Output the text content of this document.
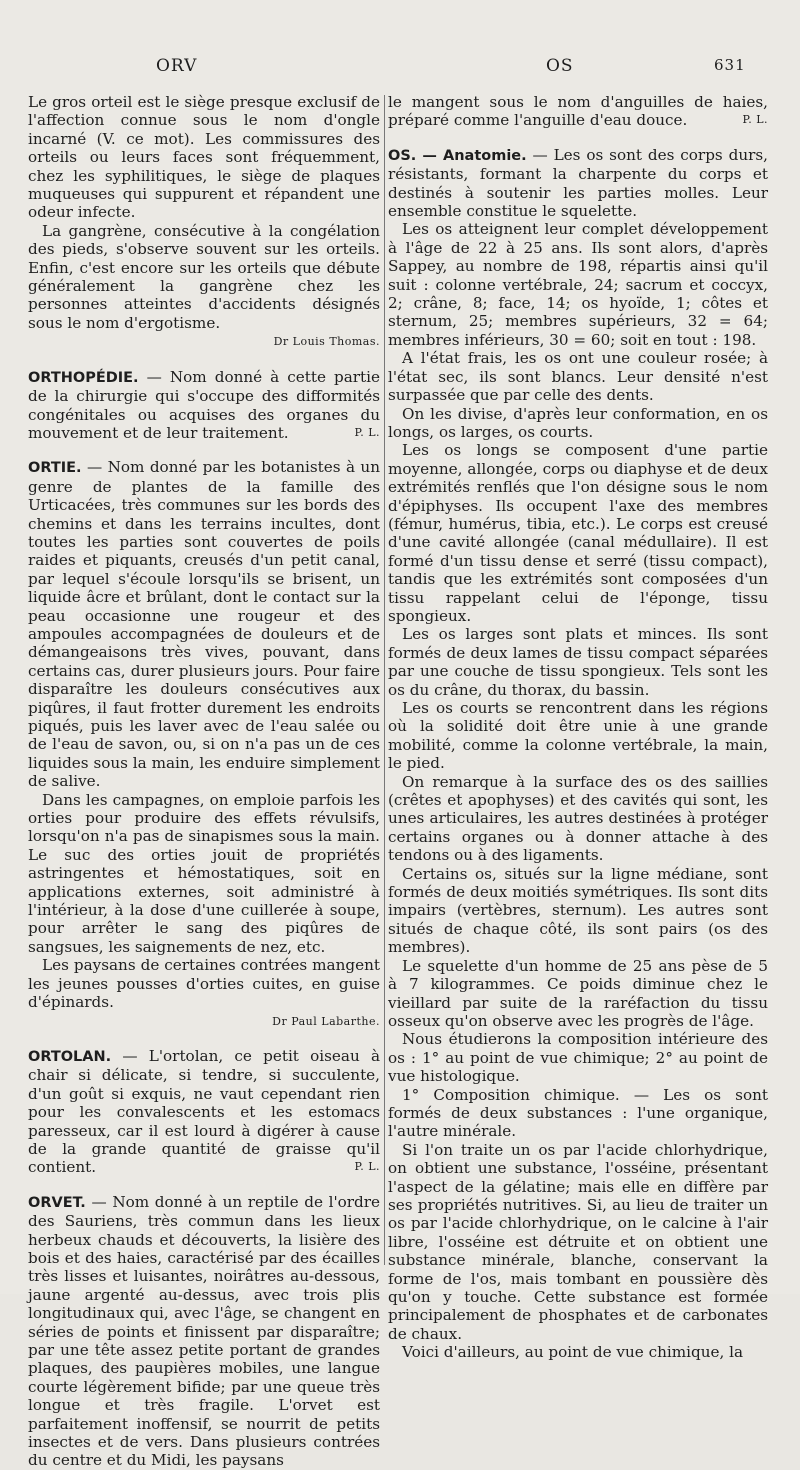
ORV	OS	631

Le gros orteil est le siège presque exclusif de l'affection connue sous le nom d'ongle incarné (V. ce mot). Les commissures des orteils ou leurs faces sont fréquemment, chez les syphilitiques, le siège de plaques muqueuses qui suppurent et répandent une odeur infecte.

La gangrène, consécutive à la congélation des pieds, s'observe souvent sur les orteils. Enfin, c'est encore sur les orteils que débute généralement la gangrène chez les personnes atteintes d'accidents désignés sous le nom d'ergotisme.

Dr Louis Thomas.

ORTHOPÉDIE. — Nom donné à cette partie de la chirurgie qui s'occupe des difformités congénitales ou acquises des organes du mouvement et de leur traitement.	P. L.

ORTIE. — Nom donné par les botanistes à un genre de plantes de la famille des Urticacées, très communes sur les bords des chemins et dans les terrains incultes, dont toutes les parties sont couvertes de poils raides et piquants, creusés d'un petit canal, par lequel s'écoule lorsqu'ils se brisent, un liquide âcre et brûlant, dont le contact sur la peau occasionne une rougeur et des ampoules accompagnées de douleurs et de démangeaisons très vives, pouvant, dans certains cas, durer plusieurs jours. Pour faire disparaître les douleurs consécutives aux piqûres, il faut frotter durement les endroits piqués, puis les laver avec de l'eau salée ou de l'eau de savon, ou, si on n'a pas un de ces liquides sous la main, les enduire simplement de salive.

Dans les campagnes, on emploie parfois les orties pour produire des effets révulsifs, lorsqu'on n'a pas de sinapismes sous la main. Le suc des orties jouit de propriétés astringentes et hémostatiques, soit en applications externes, soit administré à l'intérieur, à la dose d'une cuillerée à soupe, pour arrêter le sang des piqûres de sangsues, les saignements de nez, etc.

Les paysans de certaines contrées mangent les jeunes pousses d'orties cuites, en guise d'épinards.

Dr Paul Labarthe.

ORTOLAN. — L'ortolan, ce petit oiseau à chair si délicate, si tendre, si succulente, d'un goût si exquis, ne vaut cependant rien pour les convalescents et les estomacs paresseux, car il est lourd à digérer à cause de la grande quantité de graisse qu'il contient.	P. L.

ORVET. — Nom donné à un reptile de l'ordre des Sauriens, très commun dans les lieux herbeux chauds et découverts, la lisière des bois et des haies, caractérisé par des écailles très lisses et luisantes, noirâtres au-dessous, jaune argenté au-dessus, avec trois plis longitudinaux qui, avec l'âge, se changent en séries de points et finissent par disparaître; par une tête assez petite portant de grandes plaques, des paupières mobiles, une langue courte légèrement bifide; par une queue très longue et très fragile. L'orvet est parfaitement inoffensif, se nourrit de petits insectes et de vers. Dans plusieurs contrées du centre et du Midi, les paysans

le mangent sous le nom d'anguilles de haies, préparé comme l'anguille d'eau douce.	P. L.

OS. — Anatomie. — Les os sont des corps durs, résistants, formant la charpente du corps et destinés à soutenir les parties molles. Leur ensemble constitue le squelette.

Les os atteignent leur complet développement à l'âge de 22 à 25 ans. Ils sont alors, d'après Sappey, au nombre de 198, répartis ainsi qu'il suit : colonne vertébrale, 24; sacrum et coccyx, 2; crâne, 8; face, 14; os hyoïde, 1; côtes et sternum, 25; membres supérieurs, 32 = 64; membres inférieurs, 30 = 60; soit en tout : 198.

A l'état frais, les os ont une couleur rosée; à l'état sec, ils sont blancs. Leur densité n'est surpassée que par celle des dents.

On les divise, d'après leur conformation, en os longs, os larges, os courts.

Les os longs se composent d'une partie moyenne, allongée, corps ou diaphyse et de deux extrémités renflés que l'on désigne sous le nom d'épiphyses. Ils occupent l'axe des membres (fémur, humérus, tibia, etc.). Le corps est creusé d'une cavité allongée (canal médullaire). Il est formé d'un tissu dense et serré (tissu compact), tandis que les extrémités sont composées d'un tissu rappelant celui de l'éponge, tissu spongieux.

Les os larges sont plats et minces. Ils sont formés de deux lames de tissu compact séparées par une couche de tissu spongieux. Tels sont les os du crâne, du thorax, du bassin.

Les os courts se rencontrent dans les régions où la solidité doit être unie à une grande mobilité, comme la colonne vertébrale, la main, le pied.

On remarque à la surface des os des saillies (crêtes et apophyses) et des cavités qui sont, les unes articulaires, les autres destinées à protéger certains organes ou à donner attache à des tendons ou à des ligaments.

Certains os, situés sur la ligne médiane, sont formés de deux moitiés symétriques. Ils sont dits impairs (vertèbres, sternum). Les autres sont situés de chaque côté, ils sont pairs (os des membres).

Le squelette d'un homme de 25 ans pèse de 5 à 7 kilogrammes. Ce poids diminue chez le vieillard par suite de la raréfaction du tissu osseux qu'on observe avec les progrès de l'âge.

Nous étudierons la composition intérieure des os : 1° au point de vue chimique; 2° au point de vue histologique.

1° Composition chimique. — Les os sont formés de deux substances : l'une organique, l'autre minérale.

Si l'on traite un os par l'acide chlorhydrique, on obtient une substance, l'osséine, présentant l'aspect de la gélatine; mais elle en diffère par ses propriétés nutritives. Si, au lieu de traiter un os par l'acide chlorhydrique, on le calcine à l'air libre, l'osséine est détruite et on obtient une substance minérale, blanche, conservant la forme de l'os, mais tombant en poussière dès qu'on y touche. Cette substance est formée principalement de phosphates et de carbonates de chaux.

Voici d'ailleurs, au point de vue chimique, la
